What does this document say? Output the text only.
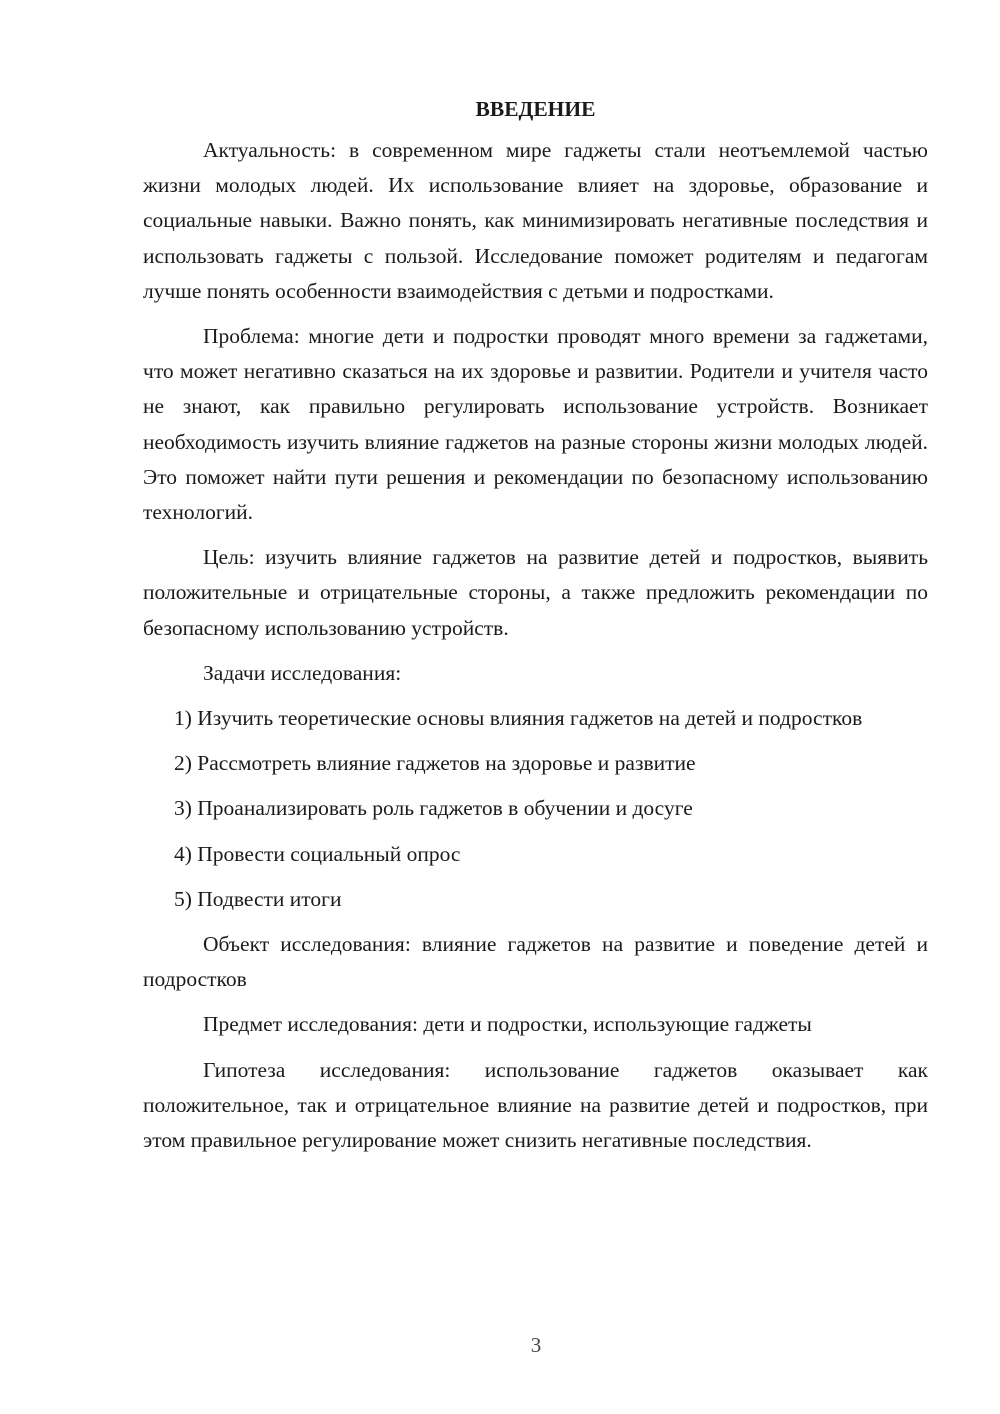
ВВЕДЕНИЕ

Актуальность: в современном мире гаджеты стали неотъемлемой частью жизни молодых людей. Их использование влияет на здоровье, образование и социальные навыки. Важно понять, как минимизировать негативные последствия и использовать гаджеты с пользой. Исследование поможет родителям и педагогам лучше понять особенности взаимодействия с детьми и подростками.

Проблема: многие дети и подростки проводят много времени за гаджетами, что может негативно сказаться на их здоровье и развитии. Родители и учителя часто не знают, как правильно регулировать использование устройств. Возникает необходимость изучить влияние гаджетов на разные стороны жизни молодых людей. Это поможет найти пути решения и рекомендации по безопасному использованию технологий.

Цель: изучить влияние гаджетов на развитие детей и подростков, выявить положительные и отрицательные стороны, а также предложить рекомендации по безопасному использованию устройств.

Задачи исследования:

1) Изучить теоретические основы влияния гаджетов на детей и подростков

2) Рассмотреть влияние гаджетов на здоровье и развитие

3) Проанализировать роль гаджетов в обучении и досуге

4) Провести социальный опрос

5) Подвести итоги

Объект исследования: влияние гаджетов на развитие и поведение детей и подростков

Предмет исследования: дети и подростки, использующие гаджеты

Гипотеза исследования: использование гаджетов оказывает как положительное, так и отрицательное влияние на развитие детей и подростков, при этом правильное регулирование может снизить негативные последствия.

3
